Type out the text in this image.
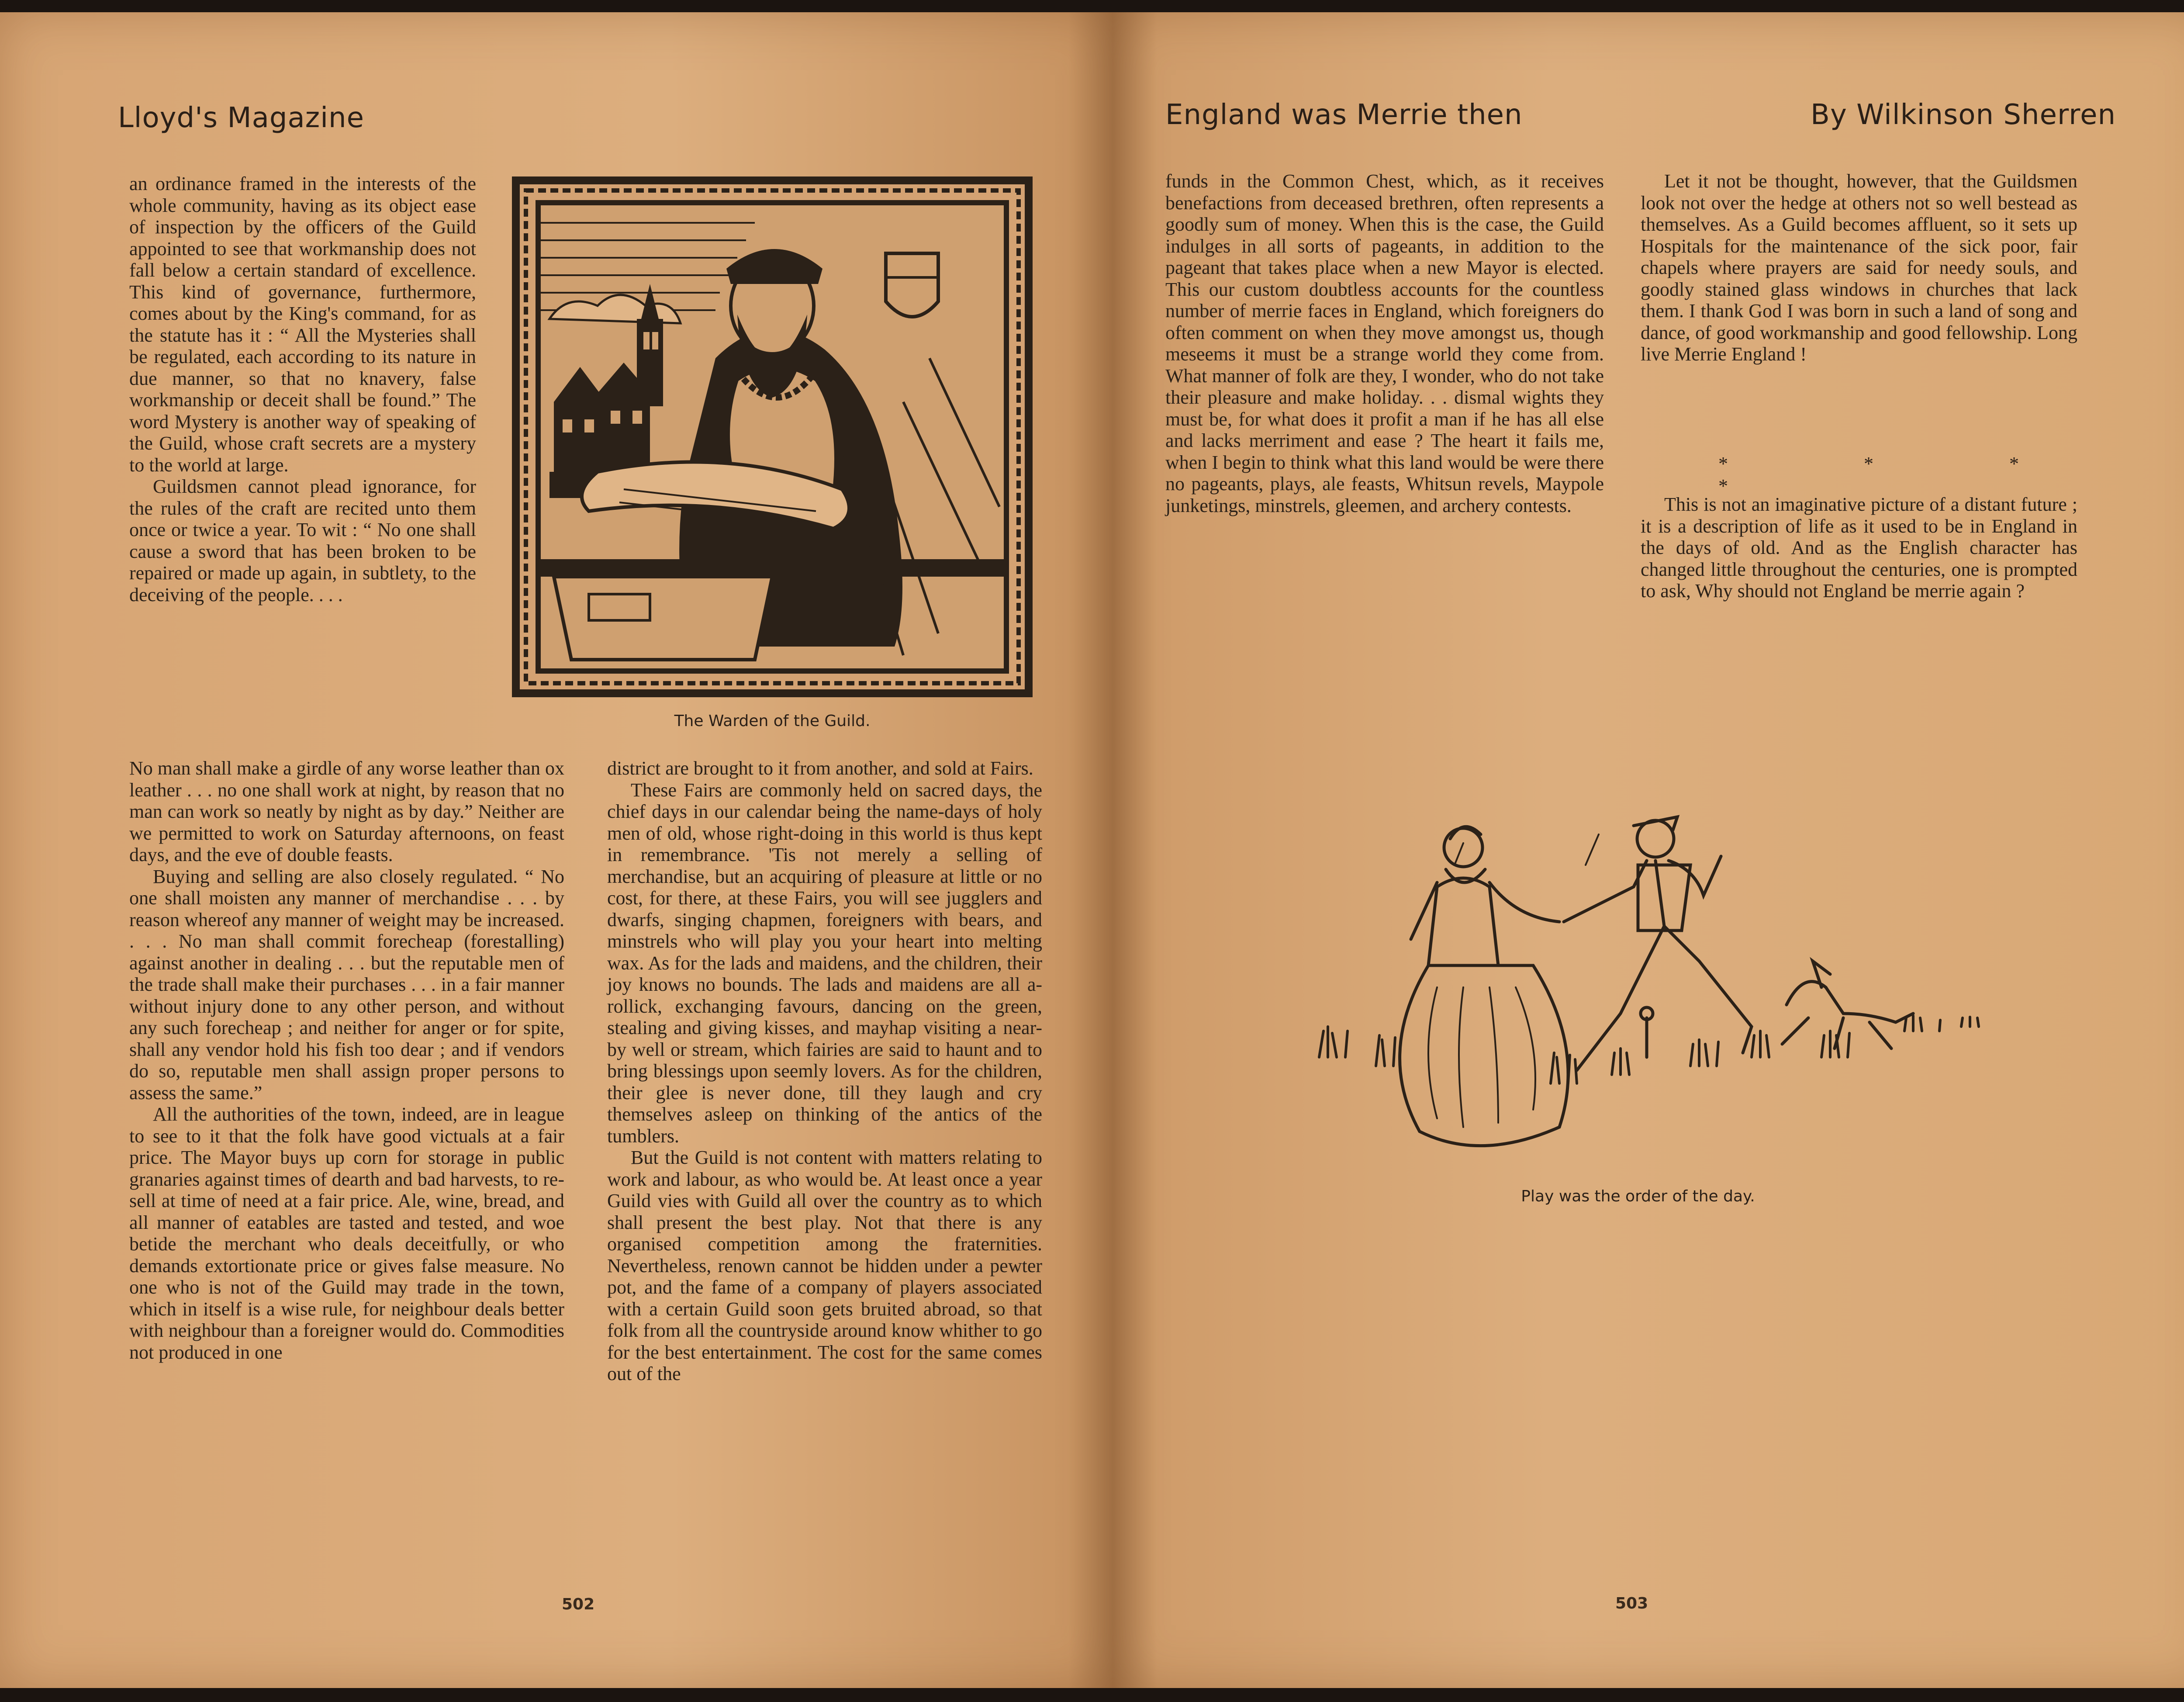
Lloyd's Magazine

an ordinance framed in the interests of the whole community, having as its object ease of inspection by the officers of the Guild appointed to see that workmanship does not fall below a certain standard of excellence. This kind of governance, furthermore, comes about by the King's command, for as the statute has it : “ All the Mysteries shall be regulated, each according to its nature in due manner, so that no knavery, false workmanship or deceit shall be found.” The word Mystery is another way of speaking of the Guild, whose craft secrets are a mystery to the world at large.

Guildsmen cannot plead ignorance, for the rules of the craft are recited unto them once or twice a year. To wit : “ No one shall cause a sword that has been broken to be repaired or made up again, in subtlety, to the deceiving of the people. . . .

No man shall make a girdle of any worse leather than ox leather . . . no one shall work at night, by reason that no man can work so neatly by night as by day.” Neither are we permitted to work on Saturday afternoons, on feast days, and the eve of double feasts.

Buying and selling are also closely regulated. “ No one shall moisten any manner of merchandise . . . by reason whereof any manner of weight may be increased. . . . No man shall commit forecheap (forestalling) against another in dealing . . . but the reputable men of the trade shall make their purchases . . . in a fair manner without injury done to any other person, and without any such forecheap ; and neither for anger or for spite, shall any vendor hold his fish too dear ; and if vendors do so, reputable men shall assign proper persons to assess the same.”

All the authorities of the town, indeed, are in league to see to it that the folk have good victuals at a fair price. The Mayor buys up corn for storage in public granaries against times of dearth and bad harvests, to re-sell at time of need at a fair price. Ale, wine, bread, and all manner of eatables are tasted and tested, and woe betide the merchant who deals deceitfully, or who demands extortionate price or gives false measure. No one who is not of the Guild may trade in the town, which in itself is a wise rule, for neighbour deals better with neighbour than a foreigner would do. Commodities not produced in one

district are brought to it from another, and sold at Fairs.

These Fairs are commonly held on sacred days, the chief days in our calendar being the name-days of holy men of old, whose right-doing in this world is thus kept in remembrance. 'Tis not merely a selling of merchandise, but an acquiring of pleasure at little or no cost, for there, at these Fairs, you will see jugglers and dwarfs, singing chapmen, foreigners with bears, and minstrels who will play you your heart into melting wax. As for the lads and maidens, and the children, their joy knows no bounds. The lads and maidens are all a-rollick, exchanging favours, dancing on the green, stealing and giving kisses, and mayhap visiting a near-by well or stream, which fairies are said to haunt and to bring blessings upon seemly lovers. As for the children, their glee is never done, till they laugh and cry themselves asleep on thinking of the antics of the tumblers.

But the Guild is not content with matters relating to work and labour, as who would be. At least once a year Guild vies with Guild all over the country as to which shall present the best play. Not that there is any organised competition among the fraternities. Nevertheless, renown cannot be hidden under a pewter pot, and the fame of a company of players associated with a certain Guild soon gets bruited abroad, so that folk from all the countryside around know whither to go for the best entertainment. The cost for the same comes out of the

The Warden of the Guild.
502
England was Merrie then	By Wilkinson Sherren

funds in the Common Chest, which, as it receives benefactions from deceased brethren, often represents a goodly sum of money. When this is the case, the Guild indulges in all sorts of pageants, in addition to the pageant that takes place when a new Mayor is elected. This our custom doubtless accounts for the countless number of merrie faces in England, which foreigners do often comment on when they move amongst us, though meseems it must be a strange world they come from. What manner of folk are they, I wonder, who do not take their pleasure and make holiday. . . dismal wights they must be, for what does it profit a man if he has all else and lacks merriment and ease ? The heart it fails me, when I begin to think what this land would be were there no pageants, plays, ale feasts, Whitsun revels, Maypole junketings, minstrels, gleemen, and archery contests.

Let it not be thought, however, that the Guildsmen look not over the hedge at others not so well bestead as themselves. As a Guild becomes affluent, so it sets up Hospitals for the maintenance of the sick poor, fair chapels where prayers are said for needy souls, and goodly stained glass windows in churches that lack them. I thank God I was born in such a land of song and dance, of good workmanship and good fellowship. Long live Merrie England !

* * * *

This is not an imaginative picture of a distant future ; it is a description of life as it used to be in England in the days of old. And as the English character has changed little throughout the centuries, one is prompted to ask, Why should not England be merrie again ?

Play was the order of the day.
503
